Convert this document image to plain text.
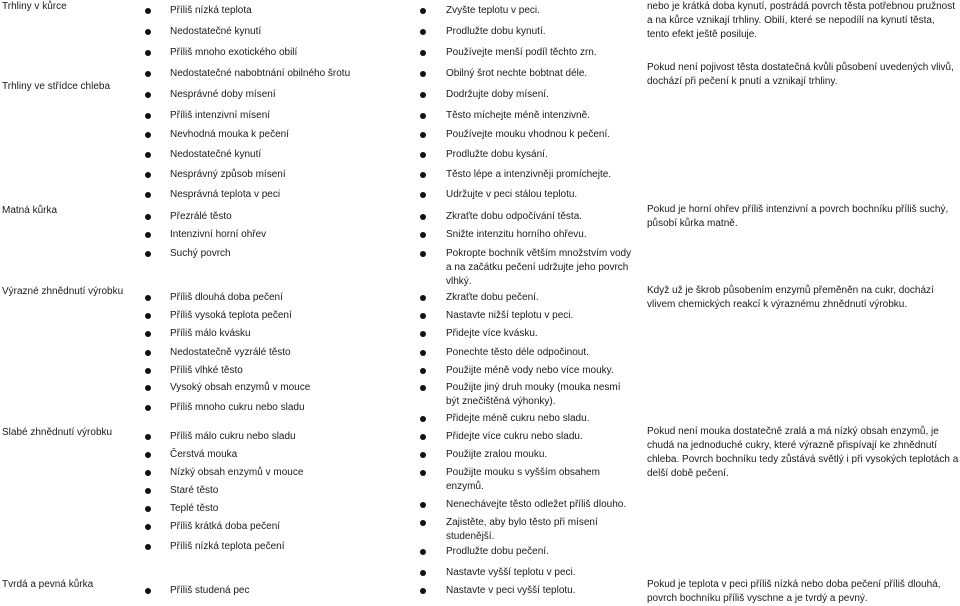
Trhliny v kůrce
Trhliny ve střídce chleba
Matná kůrka
Výrazné zhnědnutí výrobku
Slabé zhnědnutí výrobku
Tvrdá a pevná kůrka
Příliš nízká teplota
Nedostatečné kynutí
Příliš mnoho exotického obilí
Nedostatečné nabobtnání obilného šrotu
Nesprávné doby mísení
Příliš intenzivní mísení
Nevhodná mouka k pečení
Nedostatečné kynutí
Nesprávný způsob mísení
Nesprávná teplota v peci
Přezrálé těsto
Intenzivní horní ohřev
Suchý povrch
Příliš dlouhá doba pečení
Příliš vysoká teplota pečení
Příliš málo kvásku
Nedostatečně vyzrálé těsto
Příliš vlhké těsto
Vysoký obsah enzymů v mouce
Příliš mnoho cukru nebo sladu
Příliš málo cukru nebo sladu
Čerstvá mouka
Nízký obsah enzymů v mouce
Staré těsto
Teplé těsto
Příliš krátká doba pečení
Příliš nízká teplota pečení
Příliš studená pec
Zvyšte teplotu v peci.
Prodlužte dobu kynutí.
Používejte menší podíl těchto zrn.
Obilný šrot nechte bobtnat déle.
Dodržujte doby mísení.
Těsto míchejte méně intenzivně.
Používejte mouku vhodnou k pečení.
Prodlužte dobu kysání.
Těsto lépe a intenzivněji promíchejte.
Udržujte v peci stálou teplotu.
Zkraťte dobu odpočívání těsta.
Snižte intenzitu horního ohřevu.
Pokropte bochník větším množstvím vody a na začátku pečení udržujte jeho povrch vlhký.
Zkraťte dobu pečení.
Nastavte nižší teplotu v peci.
Přidejte více kvásku.
Ponechte těsto déle odpočinout.
Použijte méně vody nebo více mouky.
Použijte jiný druh mouky (mouka nesmí být znečištěná výhonky).
Přidejte méně cukru nebo sladu.
Přidejte více cukru nebo sladu.
Použijte zralou mouku.
Použijte mouku s vyšším obsahem enzymů.
Nenechávejte těsto odležet příliš dlouho.
Zajistěte, aby bylo těsto při mísení studenější.
Prodlužte dobu pečení.
Nastavte vyšší teplotu v peci.
Nastavte v peci vyšší teplotu.
nebo je krátká doba kynutí, postrádá povrch těsta potřebnou pružnost a na kůrce vznikají trhliny. Obilí, které se nepodílí na kynutí těsta, tento efekt ještě posiluje.
Pokud není pojivost těsta dostatečná kvůli působení uvedených vlivů, dochází při pečení k pnutí a vznikají trhliny.
Pokud je horní ohřev příliš intenzivní a povrch bochníku příliš suchý, působí kůrka matně.
Když už je škrob působením enzymů přeměněn na cukr, dochází vlivem chemických reakcí k výraznému zhnědnutí výrobku.
Pokud není mouka dostatečně zralá a má nízký obsah enzymů, je chudá na jednoduché cukry, které výrazně přispívají ke zhnědnutí chleba. Povrch bochníku tedy zůstává světlý i při vysokých teplotách a delší době pečení.
Pokud je teplota v peci příliš nízká nebo doba pečení příliš dlouhá, povrch bochníku příliš vyschne a je tvrdý a pevný.
